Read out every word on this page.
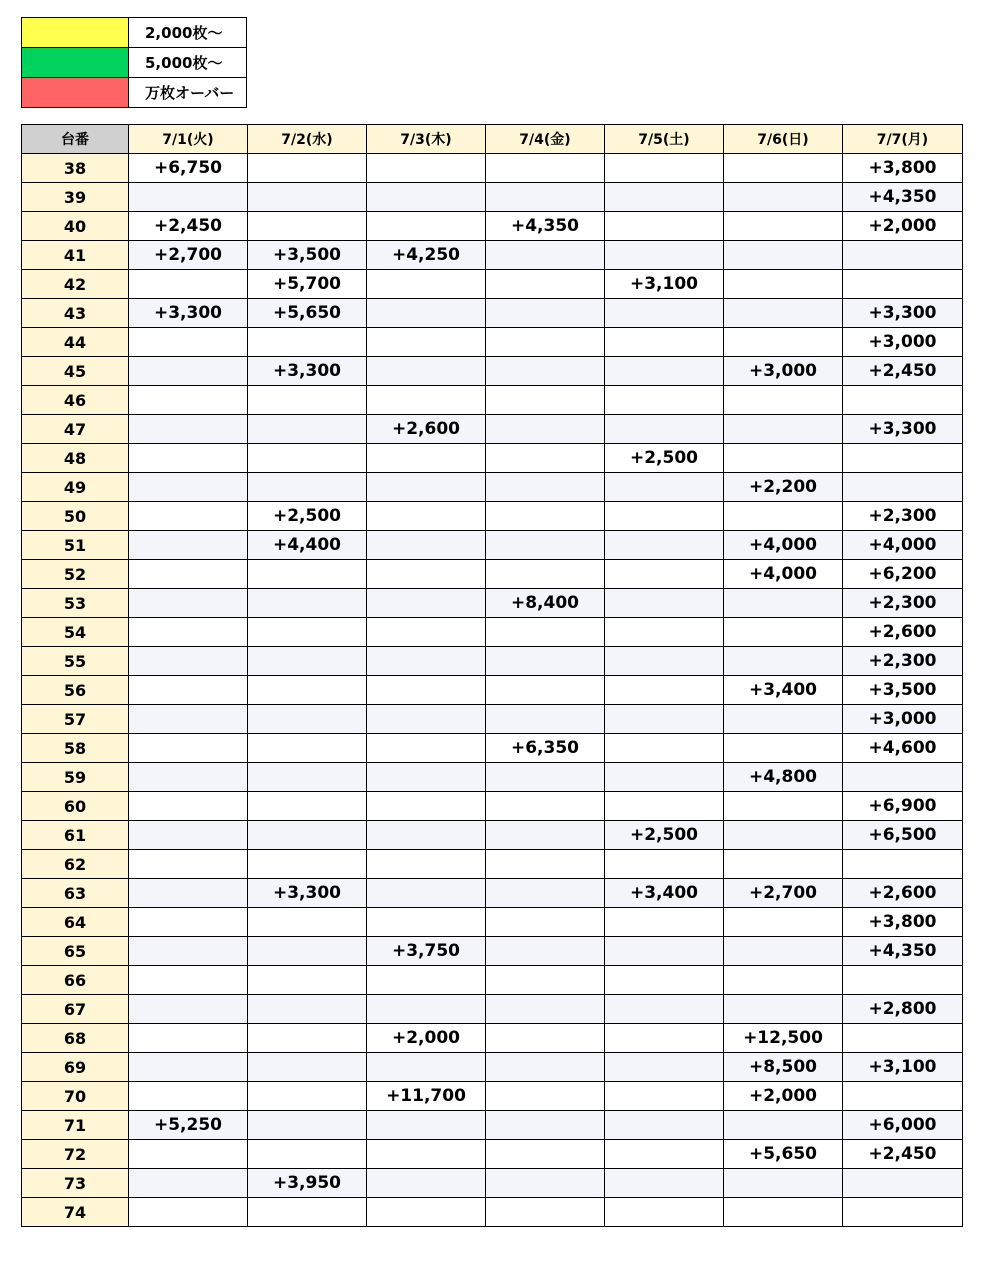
	2,000枚～
	5,000枚～
	万枚オーバー
台番	7/1(火)	7/2(水)	7/3(木)	7/4(金)	7/5(土)	7/6(日)	7/7(月)
38	+6,750						+3,800
39							+4,350
40	+2,450			+4,350			+2,000
41	+2,700	+3,500	+4,250				
42		+5,700			+3,100		
43	+3,300	+5,650					+3,300
44							+3,000
45		+3,300				+3,000	+2,450
46							
47			+2,600				+3,300
48					+2,500		
49						+2,200	
50		+2,500					+2,300
51		+4,400				+4,000	+4,000
52						+4,000	+6,200
53				+8,400			+2,300
54							+2,600
55							+2,300
56						+3,400	+3,500
57							+3,000
58				+6,350			+4,600
59						+4,800	
60							+6,900
61					+2,500		+6,500
62							
63		+3,300			+3,400	+2,700	+2,600
64							+3,800
65			+3,750				+4,350
66							
67							+2,800
68			+2,000			+12,500	
69						+8,500	+3,100
70			+11,700			+2,000	
71	+5,250						+6,000
72						+5,650	+2,450
73		+3,950					
74							
